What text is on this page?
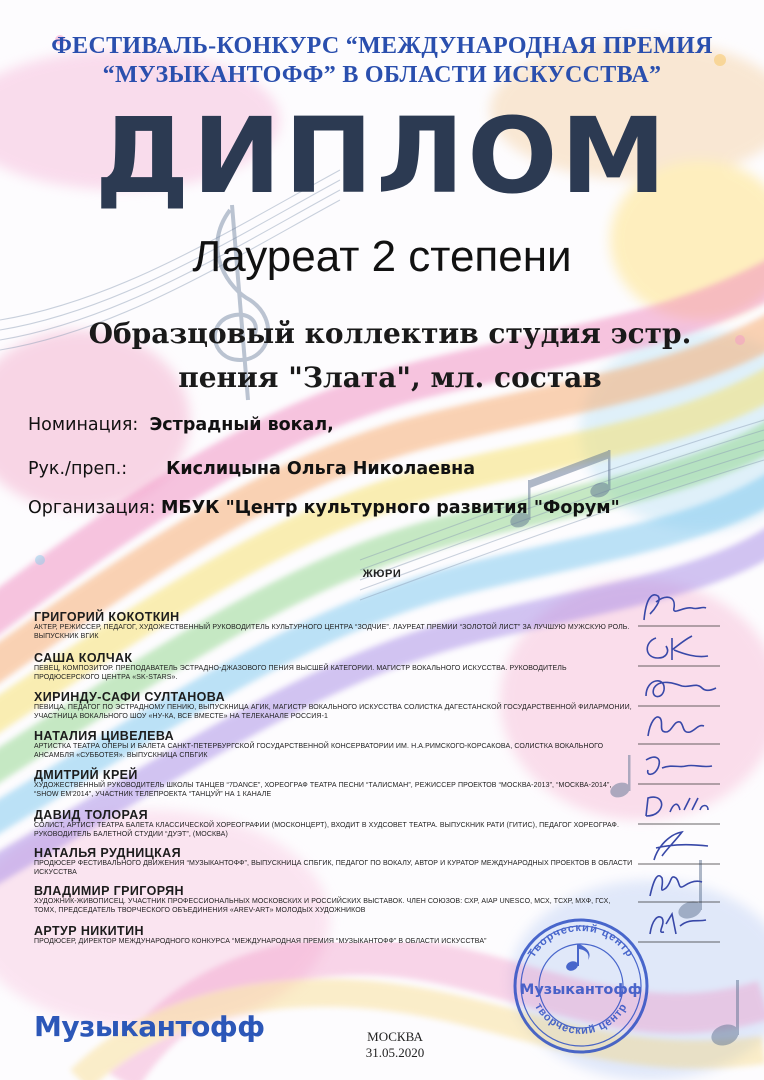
ФЕСТИВАЛЬ-КОНКУРС “МЕЖДУНАРОДНАЯ ПРЕМИЯ
“МУЗЫКАНТОФФ” В ОБЛАСТИ ИСКУССТВА”
ДИПЛОМ
Лауреат 2 степени
Образцовый коллектив студия эстр.
пения "Злата", мл. состав
Номинация: Эстрадный вокал,
Рук./преп.: Кислицына Ольга Николаевна
Организация: МБУК "Центр культурного развития "Форум"
ЖЮРИ
ГРИГОРИЙ КОКОТКИН
АКТЕР, РЕЖИССЕР, ПЕДАГОГ, ХУДОЖЕСТВЕННЫЙ РУКОВОДИТЕЛЬ КУЛЬТУРНОГО ЦЕНТРА “ЗОДЧИЕ”. ЛАУРЕАТ ПРЕМИИ “ЗОЛОТОЙ ЛИСТ” ЗА ЛУЧШУЮ МУЖСКУЮ РОЛЬ. ВЫПУСКНИК ВГИК
САША КОЛЧАК
ПЕВЕЦ, КОМПОЗИТОР. ПРЕПОДАВАТЕЛЬ ЭСТРАДНО-ДЖАЗОВОГО ПЕНИЯ ВЫСШЕЙ КАТЕГОРИИ. МАГИСТР ВОКАЛЬНОГО ИСКУССТВА. РУКОВОДИТЕЛЬ ПРОДЮСЕРСКОГО ЦЕНТРА «SK-STARS».
ХИРИНДУ-САФИ СУЛТАНОВА
ПЕВИЦА, ПЕДАГОГ ПО ЭСТРАДНОМУ ПЕНИЮ, ВЫПУСКНИЦА АГИК, МАГИСТР ВОКАЛЬНОГО ИСКУССТВА СОЛИСТКА ДАГЕСТАНСКОЙ ГОСУДАРСТВЕННОЙ ФИЛАРМОНИИ, УЧАСТНИЦА ВОКАЛЬНОГО ШОУ «НУ-КА, ВСЕ ВМЕСТЕ» НА ТЕЛЕКАНАЛЕ РОССИЯ-1
НАТАЛИЯ ЦИВЕЛЕВА
АРТИСТКА ТЕАТРА ОПЕРЫ И БАЛЕТА САНКТ-ПЕТЕРБУРГСКОЙ ГОСУДАРСТВЕННОЙ КОНСЕРВАТОРИИ ИМ. Н.А.РИМСКОГО-КОРСАКОВА, СОЛИСТКА ВОКАЛЬНОГО АНСАМБЛЯ «СУББОТЕЯ». ВЫПУСКНИЦА СПБГИК
ДМИТРИЙ КРЕЙ
ХУДОЖЕСТВЕННЫЙ РУКОВОДИТЕЛЬ ШКОЛЫ ТАНЦЕВ “7DANCE”, ХОРЕОГРАФ ТЕАТРА ПЕСНИ “ТАЛИСМАН”, РЕЖИССЕР ПРОЕКТОВ “МОСКВА-2013”, “МОСКВА-2014”, “SHOW EM'2014”, УЧАСТНИК ТЕЛЕПРОЕКТА “ТАНЦУЙ” НА 1 КАНАЛЕ
ДАВИД ТОЛОРАЯ
СОЛИСТ, АРТИСТ ТЕАТРА БАЛЕТА КЛАССИЧЕСКОЙ ХОРЕОГРАФИИ (МОСКОНЦЕРТ), ВХОДИТ В ХУДСОВЕТ ТЕАТРА. ВЫПУСКНИК РАТИ (ГИТИС), ПЕДАГОГ ХОРЕОГРАФ. РУКОВОДИТЕЛЬ БАЛЕТНОЙ СТУДИИ “ДУЭТ”, (МОСКВА)
НАТАЛЬЯ РУДНИЦКАЯ
ПРОДЮСЕР ФЕСТИВАЛЬНОГО ДВИЖЕНИЯ “МУЗЫКАНТОФФ”, ВЫПУСКНИЦА СПБГИК, ПЕДАГОГ ПО ВОКАЛУ, АВТОР И КУРАТОР МЕЖДУНАРОДНЫХ ПРОЕКТОВ В ОБЛАСТИ ИСКУССТВА
ВЛАДИМИР ГРИГОРЯН
ХУДОЖНИК-ЖИВОПИСЕЦ. УЧАСТНИК ПРОФЕССИОНАЛЬНЫХ МОСКОВСКИХ И РОССИЙСКИХ ВЫСТАВОК. ЧЛЕН СОЮЗОВ: СХР, AIAP UNESCO, МСХ, ТСХР, МХФ, ГСХ, ТОМХ, ПРЕДСЕДАТЕЛЬ ТВОРЧЕСКОГО ОБЪЕДИНЕНИЯ «AREV-ART» МОЛОДЫХ ХУДОЖНИКОВ
АРТУР НИКИТИН
ПРОДЮСЕР, ДИРЕКТОР МЕЖДУНАРОДНОГО КОНКУРСА “МЕЖДУНАРОДНАЯ ПРЕМИЯ “МУЗЫКАНТОФФ” В ОБЛАСТИ ИСКУССТВА”
Музыкантофф
Творческий центр
творческий центр
Музыкантофф
МОСКВА
31.05.2020
